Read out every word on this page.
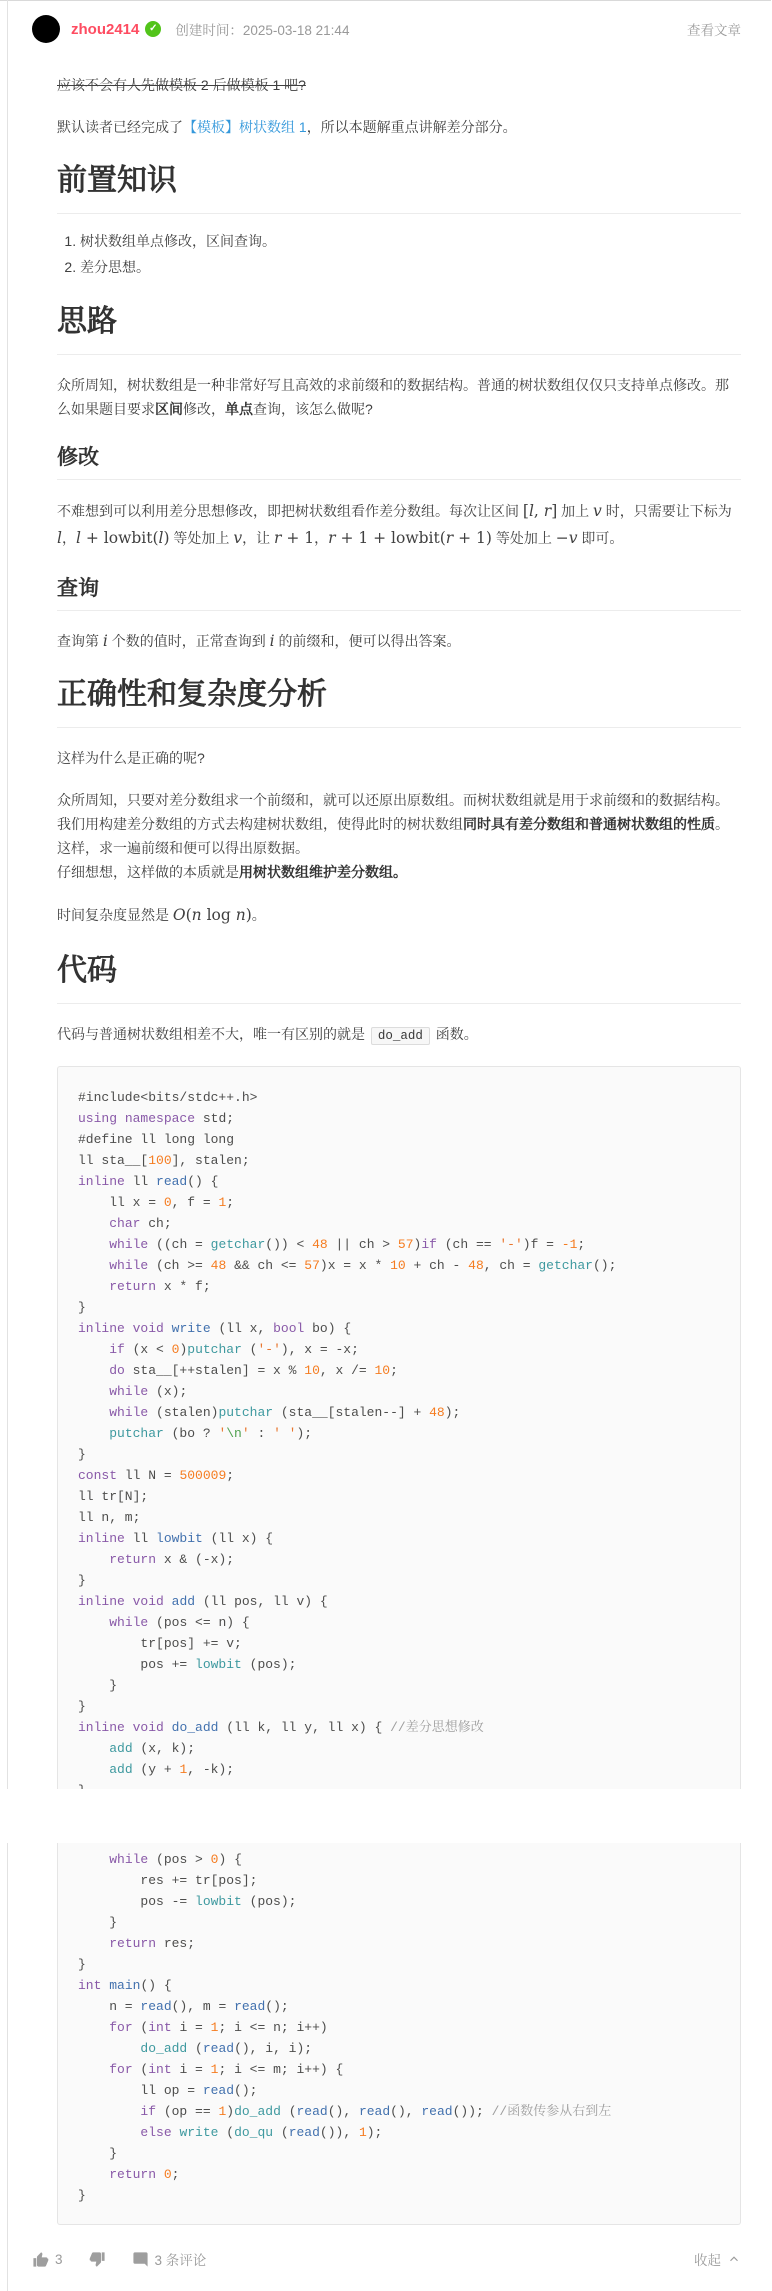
zhou2414 ✓ 创建时间：2025-03-18 21:44	查看文章

应该不会有人先做模板 2 后做模板 1 吧?

默认读者已经完成了【模板】树状数组 1，所以本题解重点讲解差分部分。

前置知识
1. 树状数组单点修改，区间查询。
2. 差分思想。
思路

众所周知，树状数组是一种非常好写且高效的求前缀和的数据结构。普通的树状数组仅仅只支持单点修改。那么如果题目要求区间修改，单点查询，该怎么做呢?

修改

不难想到可以利用差分思想修改，即把树状数组看作差分数组。每次让区间 [l, r] 加上 v 时，只需要让下标为 l，l + lowbit(l) 等处加上 v，让 r + 1，r + 1 + lowbit(r + 1) 等处加上 −v 即可。

查询

查询第 i 个数的值时，正常查询到 i 的前缀和，便可以得出答案。

正确性和复杂度分析

这样为什么是正确的呢?

众所周知，只要对差分数组求一个前缀和，就可以还原出原数组。而树状数组就是用于求前缀和的数据结构。我们用构建差分数组的方式去构建树状数组，使得此时的树状数组同时具有差分数组和普通树状数组的性质。这样，求一遍前缀和便可以得出原数据。
仔细想想，这样做的本质就是用树状数组维护差分数组。

时间复杂度显然是 O(n log n)。

代码

代码与普通树状数组相差不大，唯一有区别的就是 do_add 函数。

#include<bits/stdc++.h>
using namespace std;
#define ll long long
ll sta__[100], stalen;
inline ll read() {
ll x = 0, f = 1;
char ch;
while ((ch = getchar()) < 48 || ch > 57)if (ch == '-')f = -1;
while (ch >= 48 && ch <= 57)x = x * 10 + ch - 48, ch = getchar();
return x * f;
}
inline void write (ll x, bool bo) {
if (x < 0)putchar ('-'), x = -x;
do sta__[++stalen] = x % 10, x /= 10;
while (x);
while (stalen)putchar (sta__[stalen--] + 48);
putchar (bo ? '\n' : ' ');
}
const ll N = 500009;
ll tr[N];
ll n, m;
inline ll lowbit (ll x) {
return x & (-x);
}
inline void add (ll pos, ll v) {
while (pos <= n) {
tr[pos] += v;
pos += lowbit (pos);
}
}
inline void do_add (ll k, ll y, ll x) { //差分思想修改
add (x, k);
add (y + 1, -k);
while (pos > 0) {
res += tr[pos];
pos -= lowbit (pos);
}
return res;
}
int main() {
n = read(), m = read();
for (int i = 1; i <= n; i++)
do_add (read(), i, i);
for (int i = 1; i <= m; i++) {
ll op = read();
if (op == 1)do_add (read(), read(), read()); //函数传参从右到左
else write (do_qu (read()), 1);
}
return 0;
}
3	3 条评论	收起
